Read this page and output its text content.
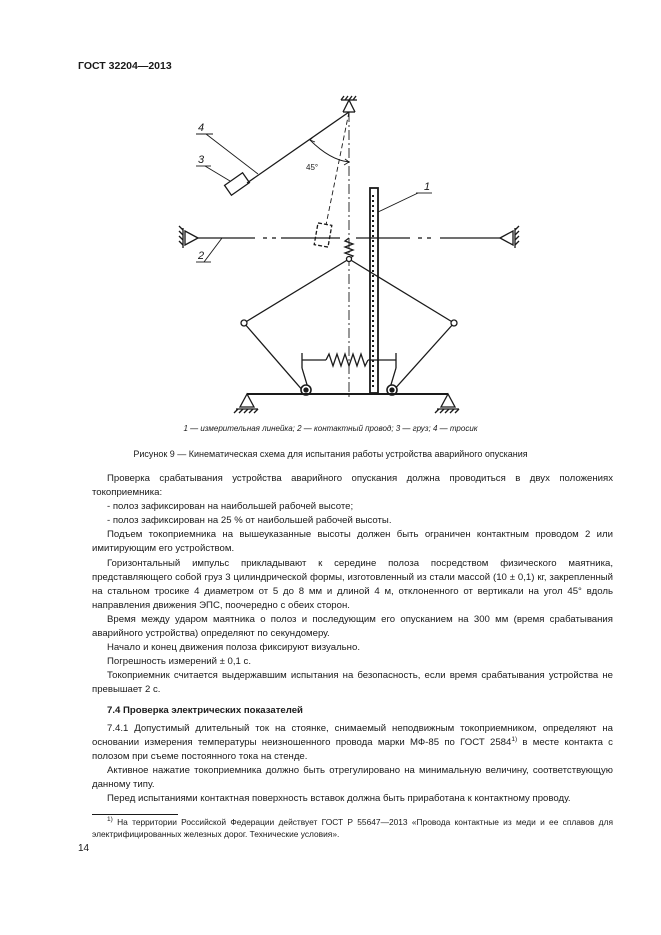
ГОСТ 32204—2013
4
3
1
2
45°
1 — измерительная линейка; 2 — контактный провод; 3 — груз; 4 — тросик
Рисунок 9 — Кинематическая схема для испытания работы устройства аварийного опускания

Проверка срабатывания устройства аварийного опускания должна проводиться в двух положениях токоприемника:

- полоз зафиксирован на наибольшей рабочей высоте;

- полоз зафиксирован на 25 % от наибольшей рабочей высоты.

Подъем токоприемника на вышеуказанные высоты должен быть ограничен контактным проводом 2 или имитирующим его устройством.

Горизонтальный импульс прикладывают к середине полоза посредством физического маятника, представляющего собой груз 3 цилиндрической формы, изготовленный из стали массой (10 ± 0,1) кг, закрепленный на стальном тросике 4 диаметром от 5 до 8 мм и длиной 4 м, отклоненного от вертикали на угол 45° вдоль направления движения ЭПС, поочередно с обеих сторон.

Время между ударом маятника о полоз и последующим его опусканием на 300 мм (время срабатывания аварийного устройства) определяют по секундомеру.

Начало и конец движения полоза фиксируют визуально.

Погрешность измерений ± 0,1 с.

Токоприемник считается выдержавшим испытания на безопасность, если время срабатывания устройства не превышает 2 с.

7.4 Проверка электрических показателей

7.4.1 Допустимый длительный ток на стоянке, снимаемый неподвижным токоприемником, определяют на основании измерения температуры неизношенного провода марки МФ-85 по ГОСТ 2584$^{1)}$ в месте контакта с полозом при съеме постоянного тока на стенде.

Активное нажатие токоприемника должно быть отрегулировано на минимальную величину, соответствующую данному типу.

Перед испытаниями контактная поверхность вставок должна быть приработана к контактному проводу.

$^{1)}$ На территории Российской Федерации действует ГОСТ Р 55647—2013 «Провода контактные из меди и ее сплавов для электрифицированных железных дорог. Технические условия».
14
